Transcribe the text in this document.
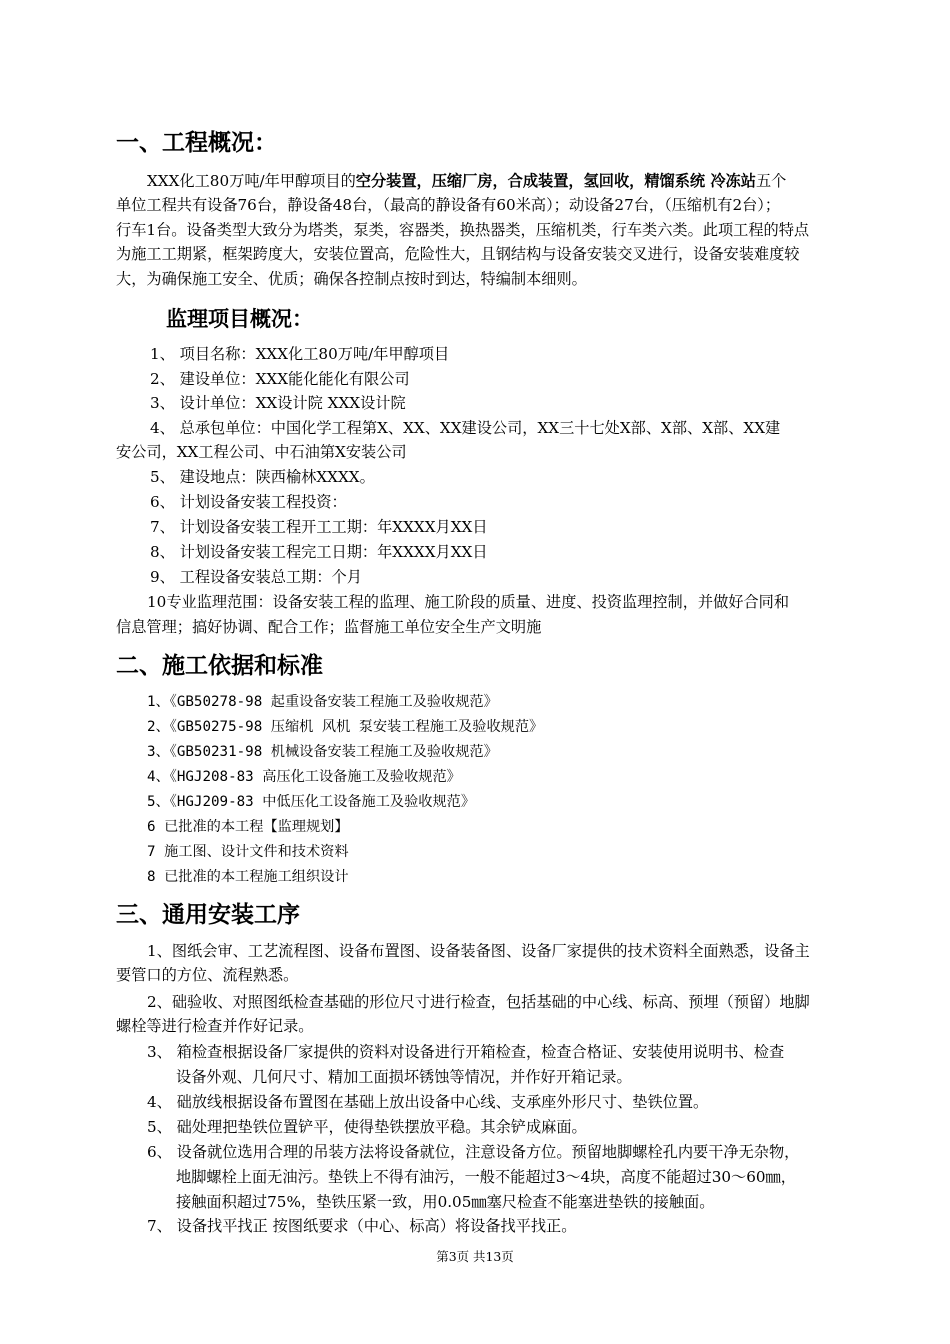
一、工程概况：
XXX化工80万吨/年甲醇项目的空分装置，压缩厂房，合成装置，氢回收，精馏系统 冷冻站五个
单位工程共有设备76台，静设备48台，（最高的静设备有60米高）；动设备27台，（压缩机有2台）；
行车1台。设备类型大致分为塔类，泵类，容器类，换热器类，压缩机类，行车类六类。此项工程的特点
为施工工期紧，框架跨度大，安装位置高，危险性大，且钢结构与设备安装交叉进行，设备安装难度较
大，为确保施工安全、优质；确保各控制点按时到达，特编制本细则。
监理项目概况：
1、 项目名称：XXX化工80万吨/年甲醇项目
2、 建设单位：XXX能化能化有限公司
3、 设计单位：XX设计院 XXX设计院
4、 总承包单位：中国化学工程第X、XX、XX建设公司，XX三十七处X部、X部、X部、XX建
安公司，XX工程公司、中石油第X安装公司
5、 建设地点：陕西榆林XXXX。
6、 计划设备安装工程投资：
7、 计划设备安装工程开工工期：年XXXX月XX日
8、 计划设备安装工程完工日期：年XXXX月XX日
9、 工程设备安装总工期：个月
10专业监理范围：设备安装工程的监理、施工阶段的质量、进度、投资监理控制，并做好合同和
信息管理；搞好协调、配合工作；监督施工单位安全生产文明施
二、施工依据和标准
1、《GB50278-98 起重设备安装工程施工及验收规范》
2、《GB50275-98 压缩机 风机 泵安装工程施工及验收规范》
3、《GB50231-98 机械设备安装工程施工及验收规范》
4、《HGJ208-83 高压化工设备施工及验收规范》
5、《HGJ209-83 中低压化工设备施工及验收规范》
6 已批准的本工程【监理规划】
7 施工图、设计文件和技术资料
8 已批准的本工程施工组织设计
三、通用安装工序
1、图纸会审、工艺流程图、设备布置图、设备装备图、设备厂家提供的技术资料全面熟悉，设备主
要管口的方位、流程熟悉。
2、础验收、对照图纸检查基础的形位尺寸进行检查，包括基础的中心线、标高、预埋（预留）地脚
螺栓等进行检查并作好记录。
3、 箱检查根据设备厂家提供的资料对设备进行开箱检查，检查合格证、安装使用说明书、检查
设备外观、几何尺寸、精加工面损坏锈蚀等情况，并作好开箱记录。
4、 础放线根据设备布置图在基础上放出设备中心线、支承座外形尺寸、垫铁位置。
5、 础处理把垫铁位置铲平，使得垫铁摆放平稳。其余铲成麻面。
6、 设备就位选用合理的吊装方法将设备就位，注意设备方位。预留地脚螺栓孔内要干净无杂物，
地脚螺栓上面无油污。垫铁上不得有油污，一般不能超过3～4块，高度不能超过30～60㎜，
接触面积超过75%，垫铁压紧一致，用0.05㎜塞尺检查不能塞进垫铁的接触面。
7、 设备找平找正 按图纸要求（中心、标高）将设备找平找正。
第3页 共13页
